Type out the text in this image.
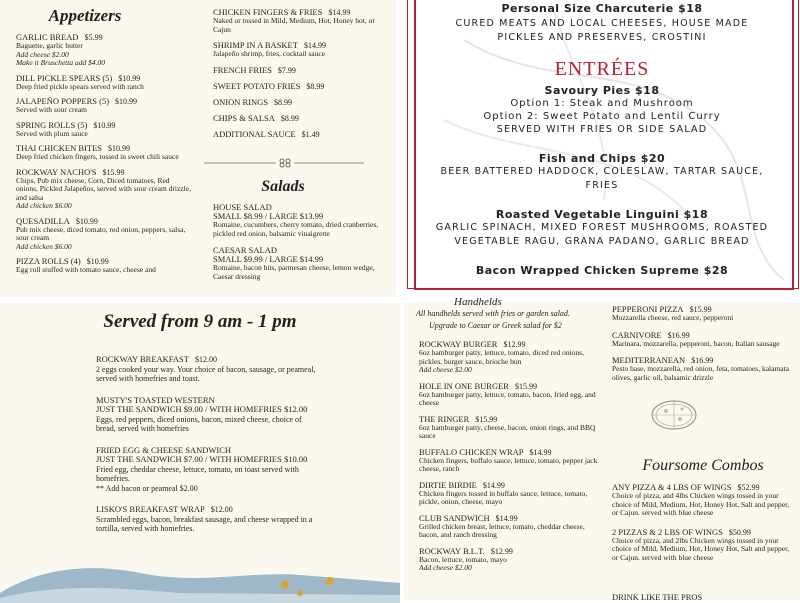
Appetizers
GARLIC BREAD $5.99
Baguette, garlic butter
Add cheese $2.00
Make it Bruschetta add $4.00
DILL PICKLE SPEARS (5) $10.99
Deep fried pickle spears served with ranch
JALAPEÑO POPPERS (5) $10.99
Served with sour cream
SPRING ROLLS (5) $10.99
Served with plum sauce
THAI CHICKEN BITES $10.99
Deep fried chicken fingers, tossed in sweet chili sauce
ROCKWAY NACHO'S $15.99
Chips, Pub mix cheese, Corn, Diced tomatoes, Red onions, Pickled Jalapeños, served with sour cream drizzle, and salsa
Add chicken $6.00
QUESADILLA $10.99
Pub mix cheese, diced tomato, red onion, peppers, salsa, sour cream
Add chicken $6.00
PIZZA ROLLS (4) $10.99
Egg roll stuffed with tomato sauce, cheese and
CHICKEN FINGERS & FRIES $14.99
Naked or tossed in Mild, Medium, Hot, Honey hot, or Cajun
SHRIMP IN A BASKET $14.99
Jalapeño shrimp, fries, cocktail sauce
FRENCH FRIES $7.99
SWEET POTATO FRIES $8.99
ONION RINGS $8.99
CHIPS & SALSA $8.99
ADDITIONAL SAUCE $1.49
Salads
HOUSE SALAD
SMALL $8.99 / LARGE $13.99
Romaine, cucumbers, cherry tomato, dried cranberries, pickled red onion, balsamic vinaigrette
CAESAR SALAD
SMALL $9.99 / LARGE $14.99
Romaine, bacon bits, parmesan cheese, lemon wedge, Caesar dressing
Personal Size Charcuterie $18
CURED MEATS AND LOCAL CHEESES, HOUSE MADE PICKLES AND PRESERVES, CROSTINI
ENTRÉES
Savoury Pies $18
Option 1: Steak and Mushroom
Option 2: Sweet Potato and Lentil Curry
SERVED WITH FRIES OR SIDE SALAD
Fish and Chips $20
BEER BATTERED HADDOCK, COLESLAW, TARTAR SAUCE, FRIES
Roasted Vegetable Linguini $18
GARLIC SPINACH, MIXED FOREST MUSHROOMS, ROASTED VEGETABLE RAGU, GRANA PADANO, GARLIC BREAD
Bacon Wrapped Chicken Supreme $28
Served from 9 am - 1 pm
ROCKWAY BREAKFAST $12.00
2 eggs cooked your way. Your choice of bacon, sausage, or peameal, served with homefries and toast.
MUSTY'S TOASTED WESTERN
JUST THE SANDWICH $9.00 / WITH HOMEFRIES $12.00
Eggs, red peppers, diced onions, bacon, mixed cheese, choice of bread, served with homefries
FRIED EGG & CHEESE SANDWICH
JUST THE SANDWICH $7.00 / WITH HOMEFRIES $10.00
Fried egg, cheddar cheese, lettuce, tomato, on toast served with homefries.
** Add bacon or peameal $2.00
LISKO'S BREAKFAST WRAP $12.00
Scrambled eggs, bacon, breakfast sausage, and cheese wrapped in a tortilla, served with homefries.
Handhelds
All handhelds served with fries or garden salad.
Upgrade to Caesar or Greek salad for $2
ROCKWAY BURGER $12.99
6oz hamburger patty, lettuce, tomato, diced red onions, pickles, burger sauce, brioche bun
Add cheese $2.00
HOLE IN ONE BURGER $15.99
6oz hamburger patty, lettuce, tomato, bacon, fried egg, and cheese
THE RINGER $15.99
6oz hamburger patty, cheese, bacon, onion rings, and BBQ sauce
BUFFALO CHICKEN WRAP $14.99
Chicken fingers, buffalo sauce, lettuce, tomato, pepper jack cheese, ranch
DIRTIE BIRDIE $14.99
Chicken fingers tossed in buffalo sauce, lettuce, tomato, pickle, onion, cheese, mayo
CLUB SANDWICH $14.99
Grilled chicken breast, lettuce, tomato, cheddar cheese, bacon, and ranch dressing
ROCKWAY B.L.T. $12.99
Bacon, lettuce, tomato, mayo
Add cheese $2.00
PEPPERONI PIZZA $15.99
Mozzarella cheese, red sauce, pepperoni
CARNIVORE $16.99
Marinara, mozzarella, pepperoni, bacon, Italian sausage
MEDITERRANEAN $16.99
Pesto base, mozzarella, red onion, feta, tomatoes, kalamata olives, garlic oil, balsamic drizzle
Foursome Combos
ANY PIZZA & 4 LBS OF WINGS $52.99
Choice of pizza, and 4lbs Chicken wings tossed in your choice of Mild, Medium, Hot, Honey Hot, Salt and pepper, or Cajun. served with blue cheese
2 PIZZAS & 2 LBS OF WINGS $50.99
Choice of pizza, and 2lbs Chicken wings tossed in your choice of Mild, Medium, Hot, Honey Hot, Salt and pepper, or Cajun. served with blue cheese
DRINK LIKE THE PROS
